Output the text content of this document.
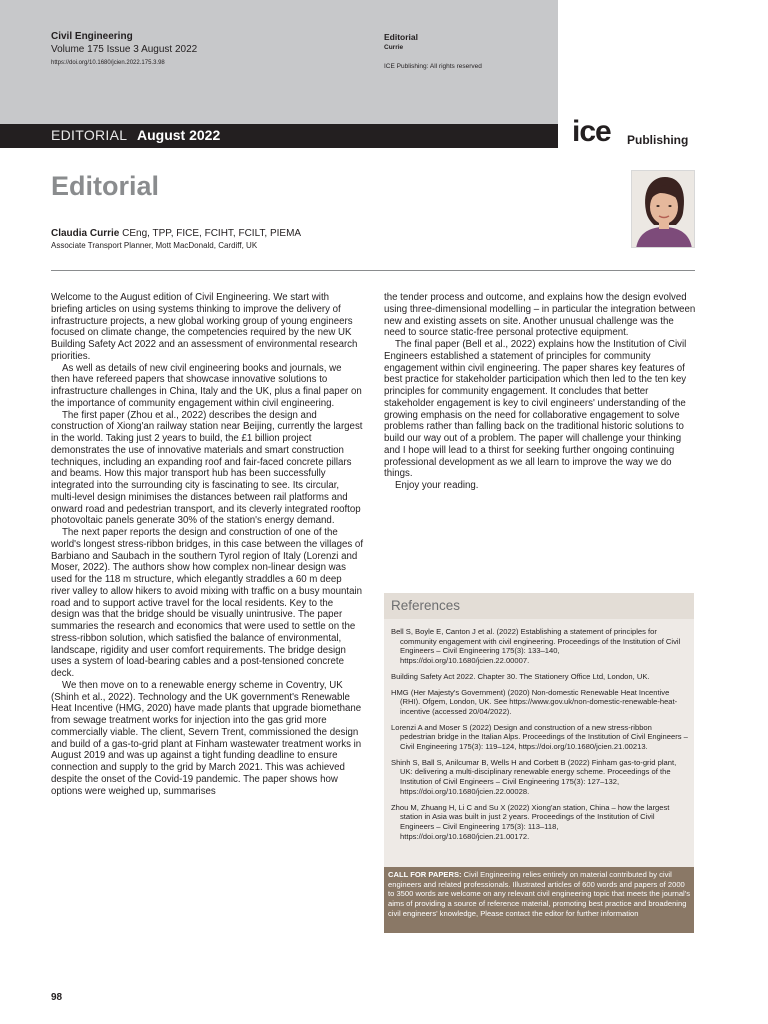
Civil Engineering
Volume 175 Issue 3 August 2022
https://doi.org/10.1680/jcien.2022.175.3.98
Editorial
Currie
ICE Publishing: All rights reserved
EDITORIAL August 2022	ice Publishing
Editorial
Claudia Currie CEng, TPP, FICE, FCIHT, FCILT, PIEMA
Associate Transport Planner, Mott MacDonald, Cardiff, UK

Welcome to the August edition of Civil Engineering. We start with briefing articles on using systems thinking to improve the delivery of infrastructure projects, a new global working group of young engineers focused on climate change, the competencies required by the new UK Building Safety Act 2022 and an assessment of environmental research priorities.

As well as details of new civil engineering books and journals, we then have refereed papers that showcase innovative solutions to infrastructure challenges in China, Italy and the UK, plus a final paper on the importance of community engagement within civil engineering.

The first paper (Zhou et al., 2022) describes the design and construction of Xiong'an railway station near Beijing, currently the largest in the world. Taking just 2 years to build, the £1 billion project demonstrates the use of innovative materials and smart construction techniques, including an expanding roof and fair-faced concrete pillars and beams. How this major transport hub has been successfully integrated into the surrounding city is fascinating to see. Its circular, multi-level design minimises the distances between rail platforms and onward road and pedestrian transport, and its cleverly integrated rooftop photovoltaic panels generate 30% of the station's energy demand.

The next paper reports the design and construction of one of the world's longest stress-ribbon bridges, in this case between the villages of Barbiano and Saubach in the southern Tyrol region of Italy (Lorenzi and Moser, 2022). The authors show how complex non-linear design was used for the 118 m structure, which elegantly straddles a 60 m deep river valley to allow hikers to avoid mixing with traffic on a busy mountain road and to support active travel for the local residents. Key to the design was that the bridge should be visually unintrusive. The paper summaries the research and economics that were used to settle on the stress-ribbon solution, which satisfied the balance of environmental, landscape, rigidity and user comfort requirements. The bridge design uses a system of load-bearing cables and a post-tensioned concrete deck.

We then move on to a renewable energy scheme in Coventry, UK (Shinh et al., 2022). Technology and the UK government's Renewable Heat Incentive (HMG, 2020) have made plants that upgrade biomethane from sewage treatment works for injection into the gas grid more commercially viable. The client, Severn Trent, commissioned the design and build of a gas-to-grid plant at Finham wastewater treatment works in August 2019 and was up against a tight funding deadline to ensure connection and supply to the grid by March 2021. This was achieved despite the onset of the Covid-19 pandemic. The paper shows how options were weighed up, summarises

the tender process and outcome, and explains how the design evolved using three-dimensional modelling – in particular the integration between new and existing assets on site. Another unusual challenge was the need to source static-free personal protective equipment.

The final paper (Bell et al., 2022) explains how the Institution of Civil Engineers established a statement of principles for community engagement within civil engineering. The paper shares key features of best practice for stakeholder participation which then led to the ten key principles for community engagement. It concludes that better stakeholder engagement is key to civil engineers' understanding of the growing emphasis on the need for collaborative engagement to solve problems rather than falling back on the traditional historic solutions to build our way out of a problem. The paper will challenge your thinking and I hope will lead to a thirst for seeking further ongoing continuing professional development as we all learn to improve the way we do things.

Enjoy your reading.

References
Bell S, Boyle E, Canton J et al. (2022) Establishing a statement of principles for community engagement with civil engineering. Proceedings of the Institution of Civil Engineers – Civil Engineering 175(3): 133–140, https://doi.org/10.1680/jcien.22.00007.
Building Safety Act 2022. Chapter 30. The Stationery Office Ltd, London, UK.
HMG (Her Majesty's Government) (2020) Non-domestic Renewable Heat Incentive (RHI). Ofgem, London, UK. See https://www.gov.uk/non-domestic-renewable-heat-incentive (accessed 20/04/2022).
Lorenzi A and Moser S (2022) Design and construction of a new stress-ribbon pedestrian bridge in the Italian Alps. Proceedings of the Institution of Civil Engineers – Civil Engineering 175(3): 119–124, https://doi.org/10.1680/jcien.21.00213.
Shinh S, Ball S, Anilcumar B, Wells H and Corbett B (2022) Finham gas-to-grid plant, UK: delivering a multi-disciplinary renewable energy scheme. Proceedings of the Institution of Civil Engineers – Civil Engineering 175(3): 127–132, https://doi.org/10.1680/jcien.22.00028.
Zhou M, Zhuang H, Li C and Su X (2022) Xiong'an station, China – how the largest station in Asia was built in just 2 years. Proceedings of the Institution of Civil Engineers – Civil Engineering 175(3): 113–118, https://doi.org/10.1680/jcien.21.00172.
CALL FOR PAPERS: Civil Engineering relies entirely on material contributed by civil engineers and related professionals. Illustrated articles of 600 words and papers of 2000 to 3500 words are welcome on any relevant civil engineering topic that meets the journal's aims of providing a source of reference material, promoting best practice and broadening civil engineers' knowledge, Please contact the editor for further information
98
